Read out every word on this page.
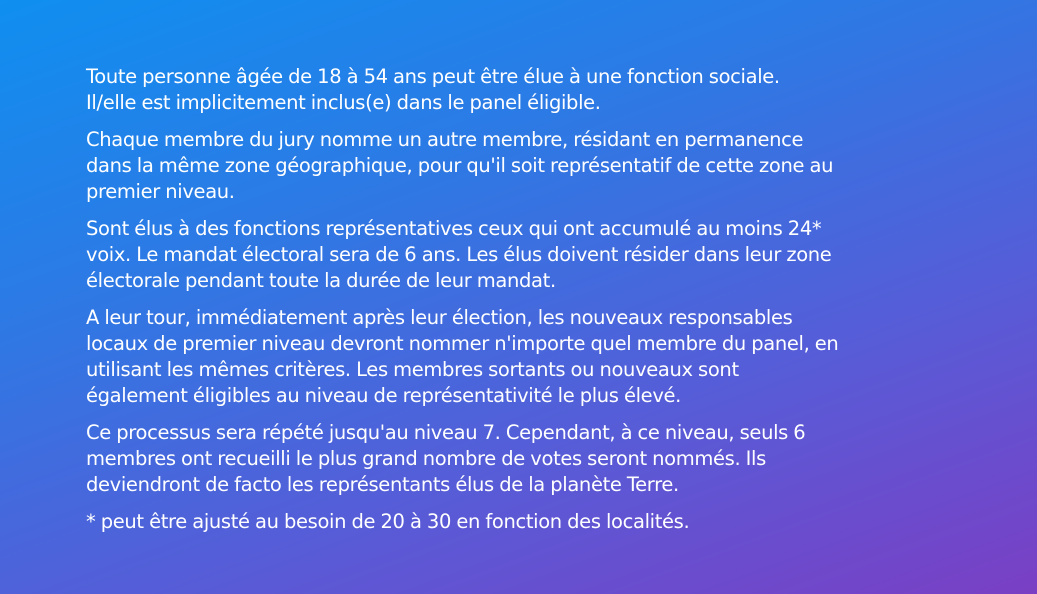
Toute personne âgée de 18 à 54 ans peut être élue à une fonction sociale.
Il/elle est implicitement inclus(e) dans le panel éligible.

Chaque membre du jury nomme un autre membre, résidant en permanence
dans la même zone géographique, pour qu'il soit représentatif de cette zone au
premier niveau.

Sont élus à des fonctions représentatives ceux qui ont accumulé au moins 24*
voix. Le mandat électoral sera de 6 ans. Les élus doivent résider dans leur zone
électorale pendant toute la durée de leur mandat.

A leur tour, immédiatement après leur élection, les nouveaux responsables
locaux de premier niveau devront nommer n'importe quel membre du panel, en
utilisant les mêmes critères. Les membres sortants ou nouveaux sont
également éligibles au niveau de représentativité le plus élevé.

Ce processus sera répété jusqu'au niveau 7. Cependant, à ce niveau, seuls 6
membres ont recueilli le plus grand nombre de votes seront nommés. Ils
deviendront de facto les représentants élus de la planète Terre.

* peut être ajusté au besoin de 20 à 30 en fonction des localités.
